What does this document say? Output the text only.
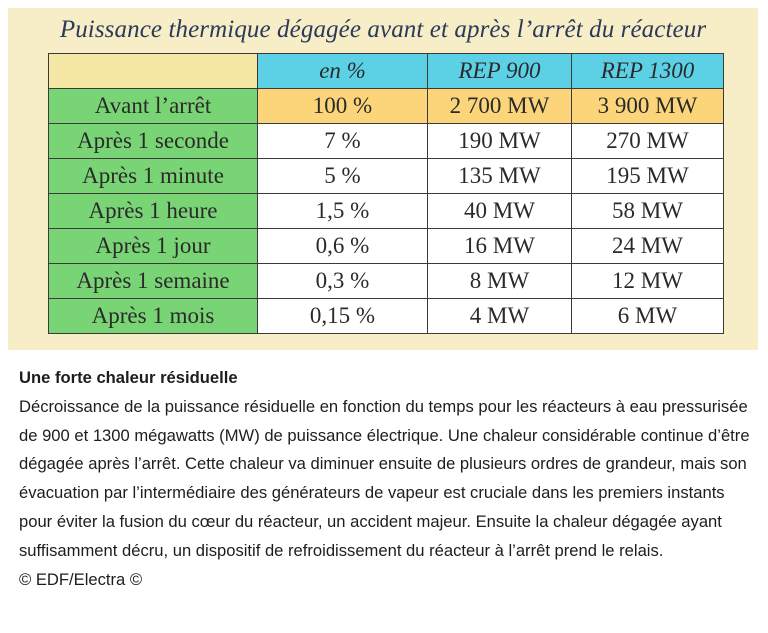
Puissance thermique dégagée avant et après l’arrêt du réacteur
	en %	REP 900	REP 1300
Avant l’arrêt	100 %	2 700 MW	3 900 MW
Après 1 seconde	7 %	190 MW	270 MW
Après 1 minute	5 %	135 MW	195 MW
Après 1 heure	1,5 %	40 MW	58 MW
Après 1 jour	0,6 %	16 MW	24 MW
Après 1 semaine	0,3 %	8 MW	12 MW
Après 1 mois	0,15 %	4 MW	6 MW
Une forte chaleur résiduelle
Décroissance de la puissance résiduelle en fonction du temps pour les réacteurs à eau pressurisée de 900 et 1300 mégawatts (MW) de puissance électrique. Une chaleur considérable continue d’être dégagée après l’arrêt. Cette chaleur va diminuer ensuite de plusieurs ordres de grandeur, mais son évacuation par l’intermédiaire des générateurs de vapeur est cruciale dans les premiers instants pour éviter la fusion du cœur du réacteur, un accident majeur. Ensuite la chaleur dégagée ayant suffisamment décru, un dispositif de refroidissement du réacteur à l’arrêt prend le relais.
© EDF/Electra ©
